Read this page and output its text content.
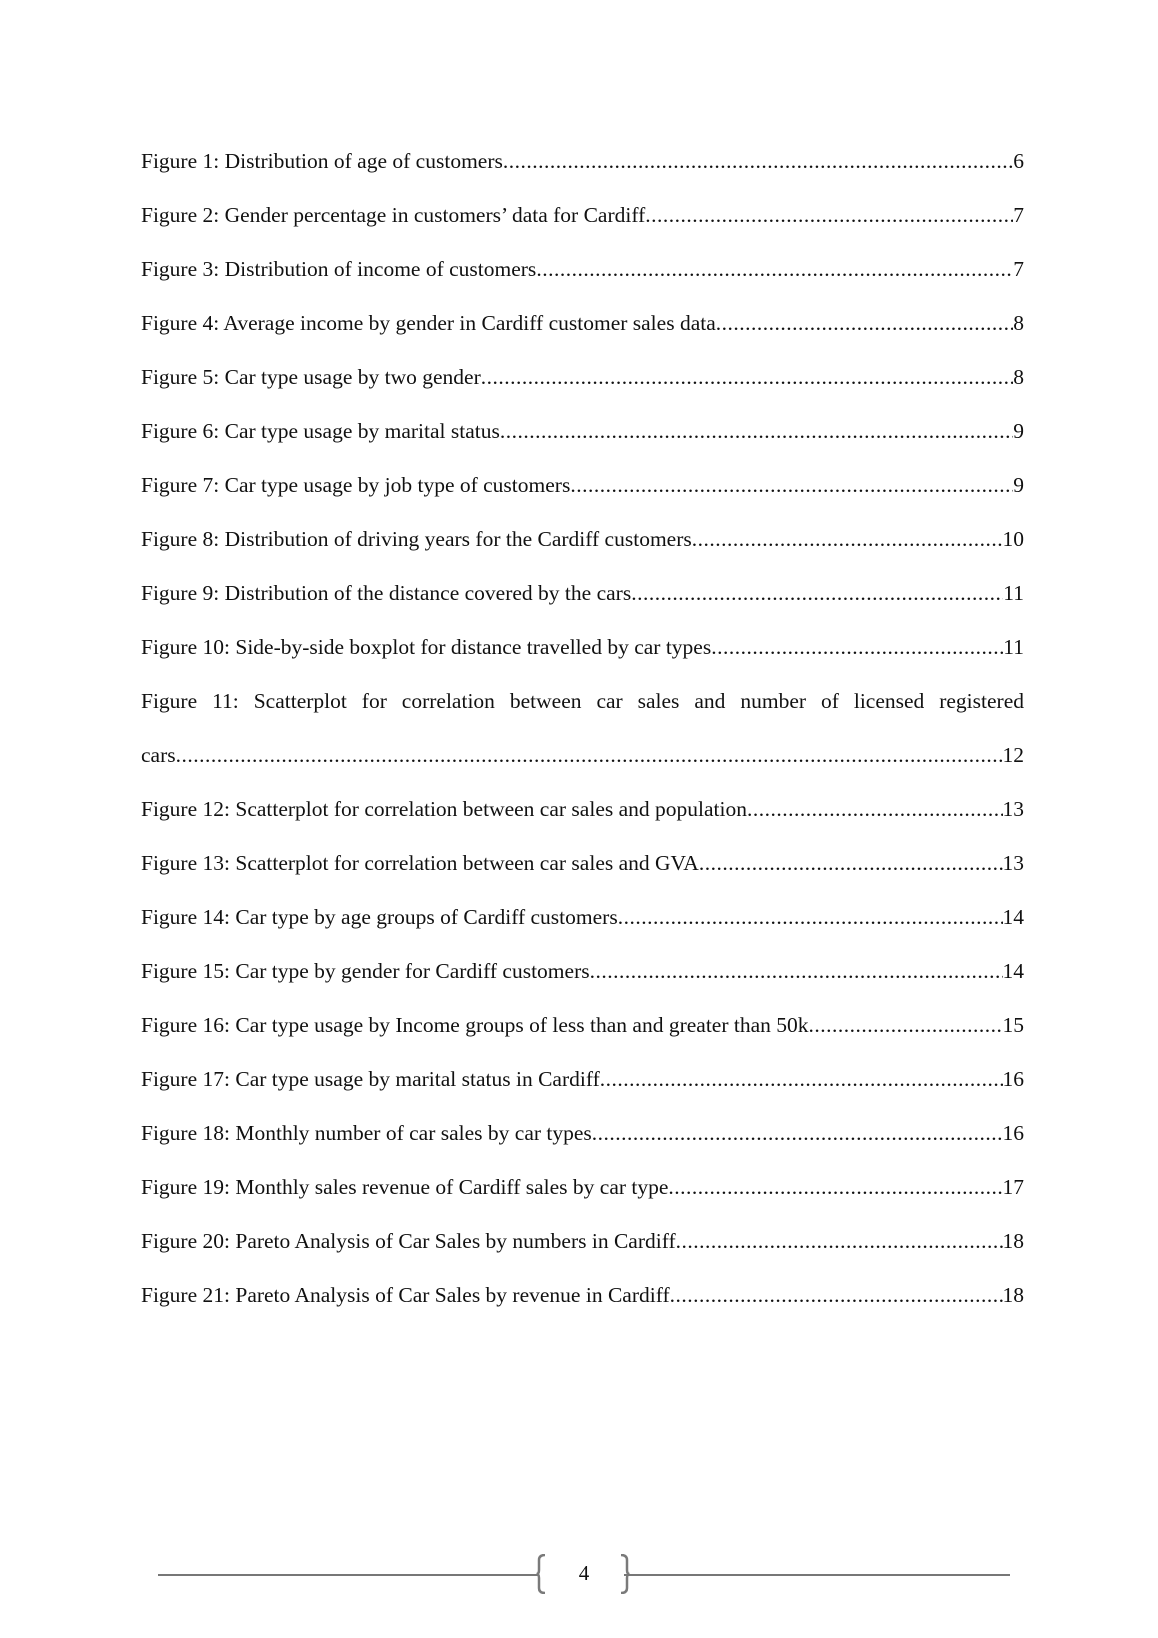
Figure 1: Distribution of age of customers .....	6
Figure 2: Gender percentage in customers’ data for Cardiff .....	7
Figure 3: Distribution of income of customers .....	7
Figure 4: Average income by gender in Cardiff customer sales data .....	8
Figure 5: Car type usage by two gender .....	8
Figure 6: Car type usage by marital status .....	9
Figure 7: Car type usage by job type of customers .....	9
Figure 8: Distribution of driving years for the Cardiff customers .....	10
Figure 9: Distribution of the distance covered by the cars .....	11
Figure 10: Side-by-side boxplot for distance travelled by car types .....	11
Figure 11: Scatterplot for correlation between car sales and number of licensed registered
cars .....	12
Figure 12: Scatterplot for correlation between car sales and population .....	13
Figure 13: Scatterplot for correlation between car sales and GVA .....	13
Figure 14: Car type by age groups of Cardiff customers .....	14
Figure 15: Car type by gender for Cardiff customers .....	14
Figure 16: Car type usage by Income groups of less than and greater than 50k .....	15
Figure 17: Car type usage by marital status in Cardiff .....	16
Figure 18: Monthly number of car sales by car types .....	16
Figure 19: Monthly sales revenue of Cardiff sales by car type .....	17
Figure 20: Pareto Analysis of Car Sales by numbers in Cardiff .....	18
Figure 21: Pareto Analysis of Car Sales by revenue in Cardiff .....	18
4
